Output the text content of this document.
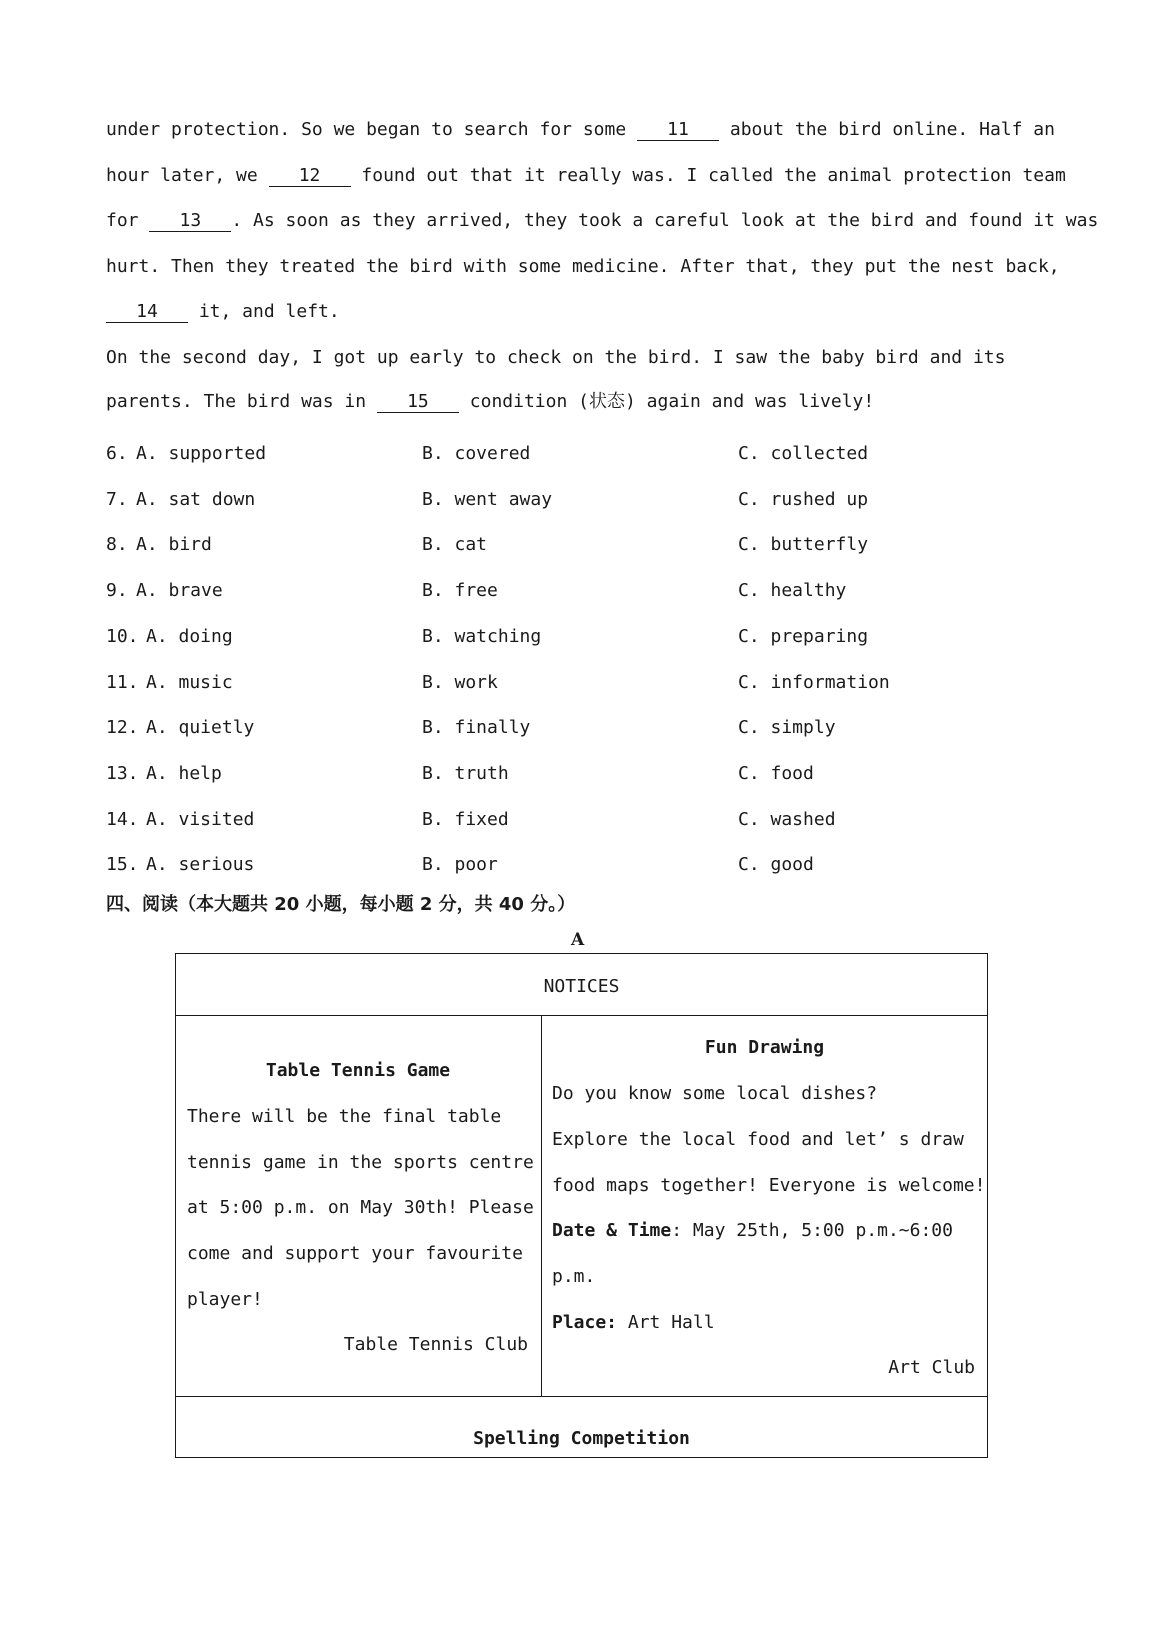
under protection. So we began to search for some 11 about the bird online. Half an
hour later, we 12 found out that it really was. I called the animal protection team
for 13 . As soon as they arrived, they took a careful look at the bird and found it was
hurt. Then they treated the bird with some medicine. After that, they put the nest back,
14 it, and left.
On the second day, I got up early to check on the bird. I saw the baby bird and its
parents. The bird was in 15 condition (状态) again and was lively!
6. A. supported	B. covered	C. collected
7. A. sat down	B. went away	C. rushed up
8. A. bird	B. cat	C. butterfly
9. A. brave	B. free	C. healthy
10. A. doing	B. watching	C. preparing
11. A. music	B. work	C. information
12. A. quietly	B. finally	C. simply
13. A. help	B. truth	C. food
14. A. visited	B. fixed	C. washed
15. A. serious	B. poor	C. good
四、阅读（本大题共 20 小题，每小题 2 分，共 40 分。）
A
NOTICES
Table Tennis Game
There will be the final table
tennis game in the sports centre
at 5:00 p.m. on May 30th! Please
come and support your favourite
player!
Table Tennis Club
Fun Drawing
Do you know some local dishes?
Explore the local food and let’ s draw
food maps together! Everyone is welcome!
Date & Time: May 25th, 5:00 p.m.~6:00
p.m.
Place: Art Hall
Art Club
Spelling Competition
